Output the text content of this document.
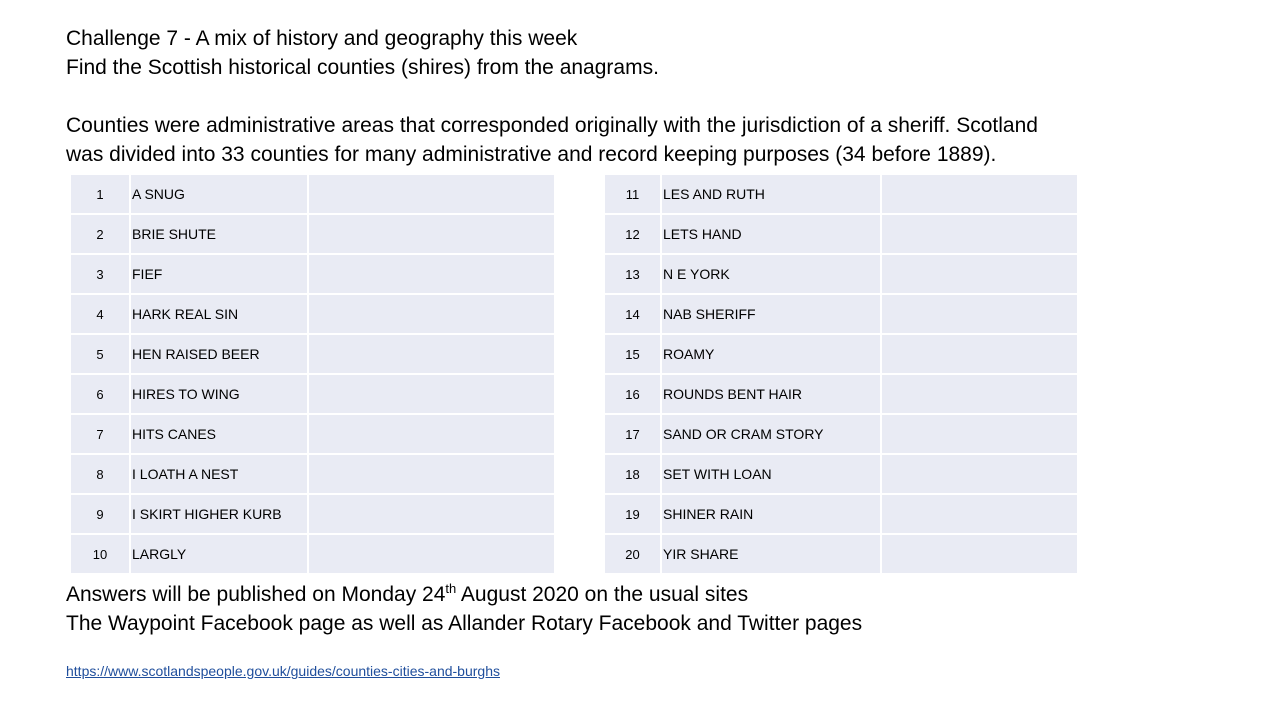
Challenge 7 - A mix of history and geography this week
Find the Scottish historical counties (shires) from the anagrams.
Counties were administrative areas that corresponded originally with the jurisdiction of a sheriff. Scotland
was divided into 33 counties for many administrative and record keeping purposes (34 before 1889).
1	A SNUG			11	LES AND RUTH	
2	BRIE SHUTE			12	LETS HAND	
3	FIEF			13	N E YORK	
4	HARK REAL SIN			14	NAB SHERIFF	
5	HEN RAISED BEER			15	ROAMY	
6	HIRES TO WING			16	ROUNDS BENT HAIR	
7	HITS CANES			17	SAND OR CRAM STORY	
8	I LOATH A NEST			18	SET WITH LOAN	
9	I SKIRT HIGHER KURB			19	SHINER RAIN	
10	LARGLY			20	YIR SHARE	
Answers will be published on Monday 24th August 2020 on the usual sites
The Waypoint Facebook page as well as Allander Rotary Facebook and Twitter pages
https://www.scotlandspeople.gov.uk/guides/counties-cities-and-burghs
